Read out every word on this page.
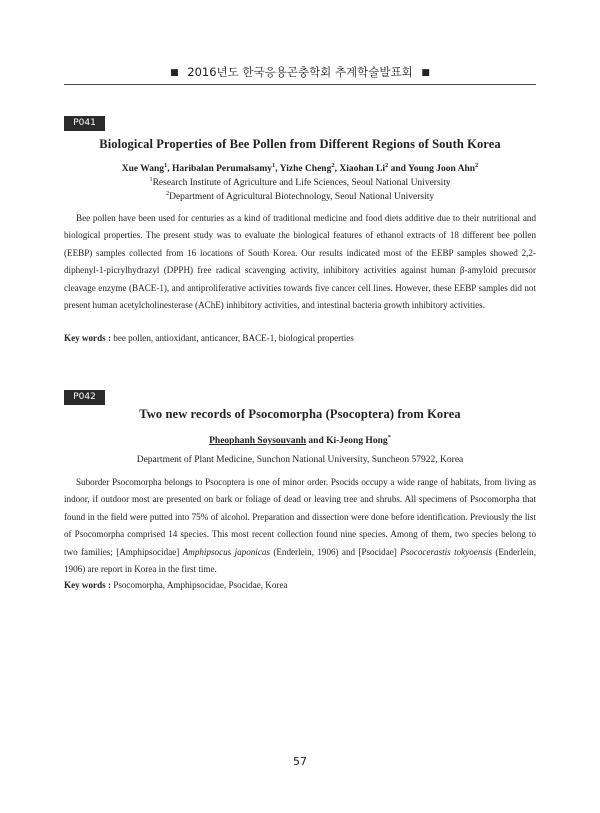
■ 2016년도 한국응용곤충학회 추계학술발표회 ■
P041
Biological Properties of Bee Pollen from Different Regions of South Korea
Xue Wang$^1$, Haribalan Perumalsamy$^1$, Yizhe Cheng$^2$, Xiaohan Li$^2$ and Young Joon Ahn$^2$
$^1$Research Institute of Agriculture and Life Sciences, Seoul National University
$^2$Department of Agricultural Biotechnology, Seoul National University

Bee pollen have been used for centuries as a kind of traditional medicine and food diets additive due to their nutritional and biological properties. The present study was to evaluate the biological features of ethanol extracts of 18 different bee pollen (EEBP) samples collected from 16 locations of South Korea. Our results indicated most of the EEBP samples showed 2,2-diphenyl-1-picrylhydrazyl (DPPH) free radical scavenging activity, inhibitory activities against human β-amyloid precursor cleavage enzyme (BACE-1), and antiproliferative activities towards five cancer cell lines. However, these EEBP samples did not present human acetylcholinesterase (AChE) inhibitory activities, and intestinal bacteria growth inhibitory activities.

Key words : bee pollen, antioxidant, anticancer, BACE-1, biological properties
P042
Two new records of Psocomorpha (Psocoptera) from Korea
Pheophanh Soysouvanh and Ki-Jeong Hong*
Department of Plant Medicine, Sunchon National University, Suncheon 57922, Korea

Suborder Psocomorpha belongs to Psocoptera is one of minor order. Psocids occupy a wide range of habitats, from living as indoor, if outdoor most are presented on bark or foliage of dead or leaving tree and shrubs. All specimens of Psocomorpha that found in the field were putted into 75% of alcohol. Preparation and dissection were done before identification. Previously the list of Psocomorpha comprised 14 species. This most recent collection found nine species. Among of them, two species belong to two families; [Amphipsocidae] Amphipsocus japonicas (Enderlein, 1906) and [Psocidae] Psococerastis tokyoensis (Enderlein, 1906) are report in Korea in the first time.

Key words : Psocomorpha, Amphipsocidae, Psocidae, Korea
57
